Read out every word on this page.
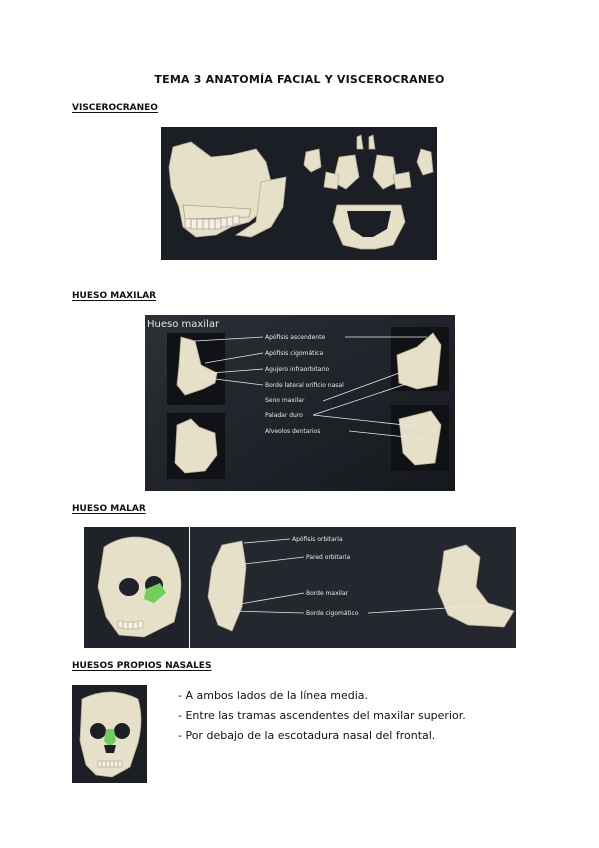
TEMA 3 ANATOMÍA FACIAL Y VISCEROCRANEO
VISCEROCRANEO
HUESO MAXILAR
Hueso maxilar
Apófisis ascendente
Apófisis cigomática
Agujero infraorbitario
Borde lateral orificio nasal
Seno maxilar
Paladar duro
Alveolos dentarios
HUESO MALAR
Apófisis orbitaria
Pared orbitaria
Borde maxilar
Borde cigomático
HUESOS PROPIOS NASALES
- A ambos lados de la línea media.
- Entre las tramas ascendentes del maxilar superior.
- Por debajo de la escotadura nasal del frontal.
